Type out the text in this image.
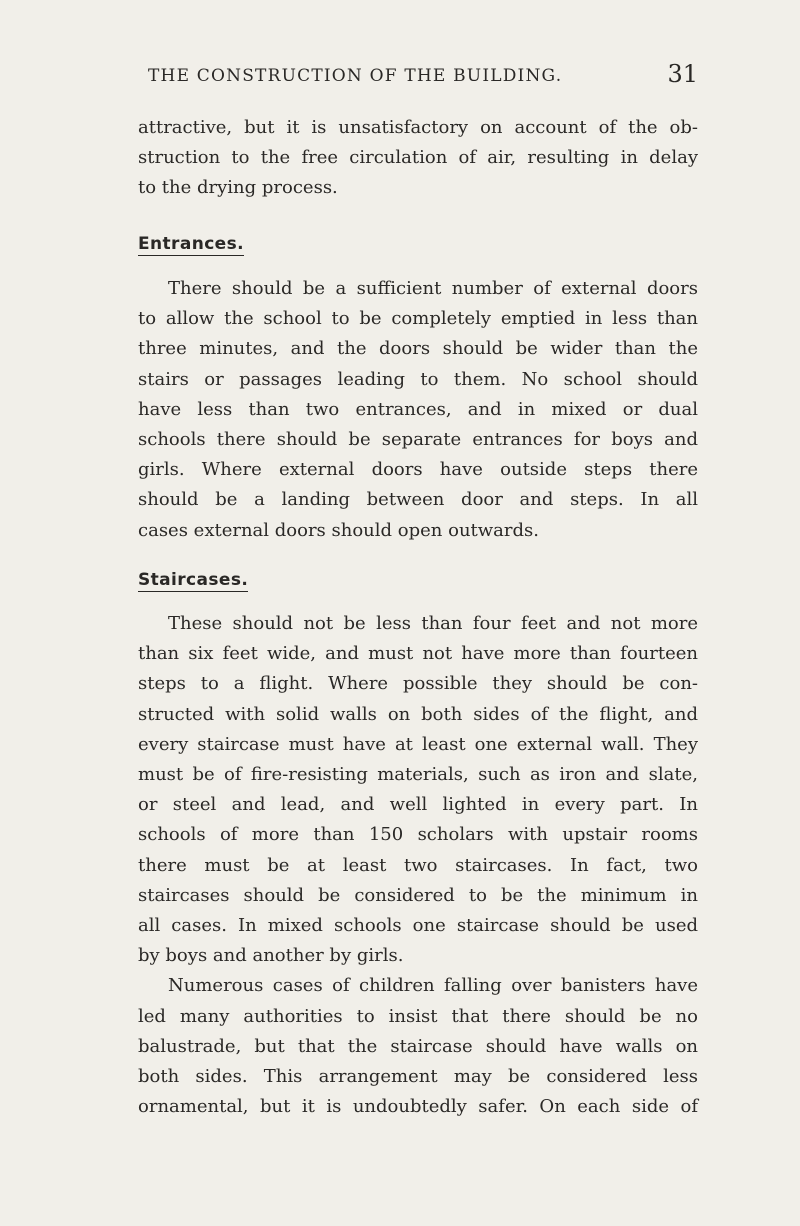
THE CONSTRUCTION OF THE BUILDING.	31

attractive, but it is unsatisfactory on account of the ob-
struction to the free circulation of air, resulting in delay
to the drying process.

Entrances.

There should be a sufficient number of external doors
to allow the school to be completely emptied in less than
three minutes, and the doors should be wider than the
stairs or passages leading to them. No school should
have less than two entrances, and in mixed or dual
schools there should be separate entrances for boys and
girls. Where external doors have outside steps there
should be a landing between door and steps. In all
cases external doors should open outwards.

Staircases.

These should not be less than four feet and not more
than six feet wide, and must not have more than fourteen
steps to a flight. Where possible they should be con-
structed with solid walls on both sides of the flight, and
every staircase must have at least one external wall. They
must be of fire-resisting materials, such as iron and slate,
or steel and lead, and well lighted in every part. In
schools of more than 150 scholars with upstair rooms
there must be at least two staircases. In fact, two
staircases should be considered to be the minimum in
all cases. In mixed schools one staircase should be used
by boys and another by girls.
Numerous cases of children falling over banisters have
led many authorities to insist that there should be no
balustrade, but that the staircase should have walls on
both sides. This arrangement may be considered less
ornamental, but it is undoubtedly safer. On each side of
